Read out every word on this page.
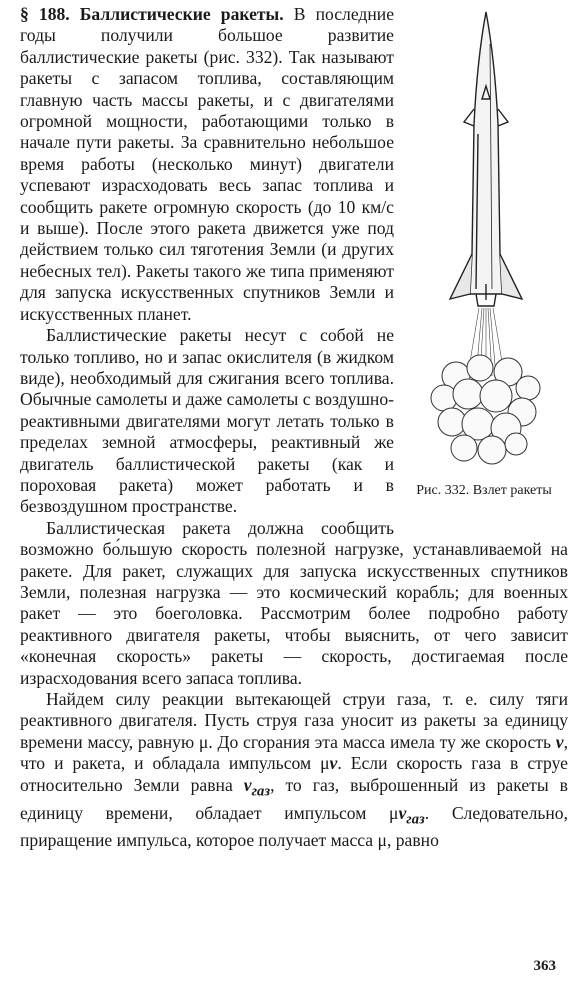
Рис. 332. Взлет ракеты
§ 188. Баллистические ракеты. В последние годы получили большое развитие баллистические ракеты (рис. 332). Так называют ракеты с запасом топлива, составляющим главную часть массы ракеты, и с двигателями огромной мощности, работающими только в начале пути ракеты. За сравнительно небольшое время работы (несколько минут) двигатели успевают израсходовать весь запас топлива и сообщить ракете огромную скорость (до 10 км/с и выше). После этого ракета движется уже под действием только сил тяготения Земли (и других небесных тел). Ракеты такого же типа применяют для запуска искусственных спутников Земли и искусственных планет.

Баллистические ракеты несут с собой не только топливо, но и запас окислителя (в жидком виде), необходимый для сжигания всего топлива. Обычные самолеты и даже самолеты с воздушно-реактивными двигателями могут летать только в пределах земной атмосферы, реактивный же двигатель баллистической ракеты (как и пороховая ракета) может работать и в безвоздушном пространстве.

Баллистическая ракета должна сообщить возможно бо́льшую скорость полезной нагрузке, устанавливаемой на ракете. Для ракет, служащих для запуска искусственных спутников Земли, полезная нагрузка — это космический корабль; для военных ракет — это боеголовка. Рассмотрим более подробно работу реактивного двигателя ракеты, чтобы выяснить, от чего зависит «конечная скорость» ракеты — скорость, достигаемая после израсходования всего запаса топлива.

Найдем силу реакции вытекающей струи газа, т. е. силу тяги реактивного двигателя. Пусть струя газа уносит из ракеты за единицу времени массу, равную μ. До сгорания эта масса имела ту же скорость v, что и ракета, и обладала импульсом μv. Если скорость газа в струе относительно Земли равна $v_{газ}$, то газ, выброшенный из ракеты в единицу времени, обладает импульсом $\mu v_{газ}$. Следовательно, приращение импульса, которое получает масса μ, равно

363
